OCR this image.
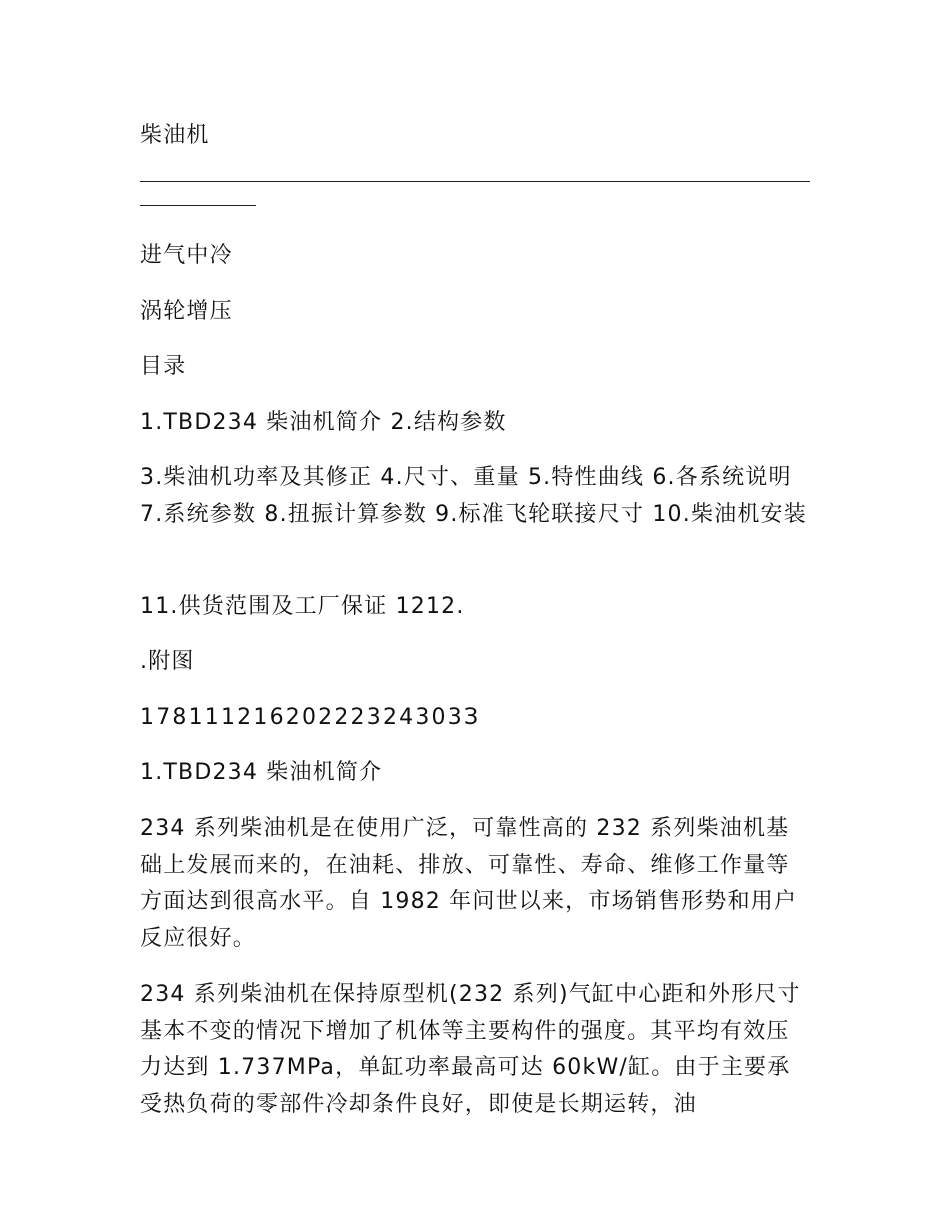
柴油机
进气中冷
涡轮增压
目录
1.TBD234 柴油机简介 2.结构参数
3.柴油机功率及其修正 4.尺寸、重量 5.特性曲线 6.各系统说明 7.系统参数 8.扭振计算参数 9.标准飞轮联接尺寸 10.柴油机安装
11.供货范围及工厂保证 1212.
.附图
17811121620222324303З
1.TBD234 柴油机简介
234 系列柴油机是在使用广泛，可靠性高的 232 系列柴油机基础上发展而来的，在油耗、排放、可靠性、寿命、维修工作量等方面达到很高水平。自 1982 年问世以来，市场销售形势和用户反应很好。
234 系列柴油机在保持原型机(232 系列)气缸中心距和外形尺寸基本不变的情况下增加了机体等主要构件的强度。其平均有效压力达到 1.737MPa，单缸功率最高可达 60kW/缸。由于主要承受热负荷的零部件冷却条件良好，即使是长期运转，油
